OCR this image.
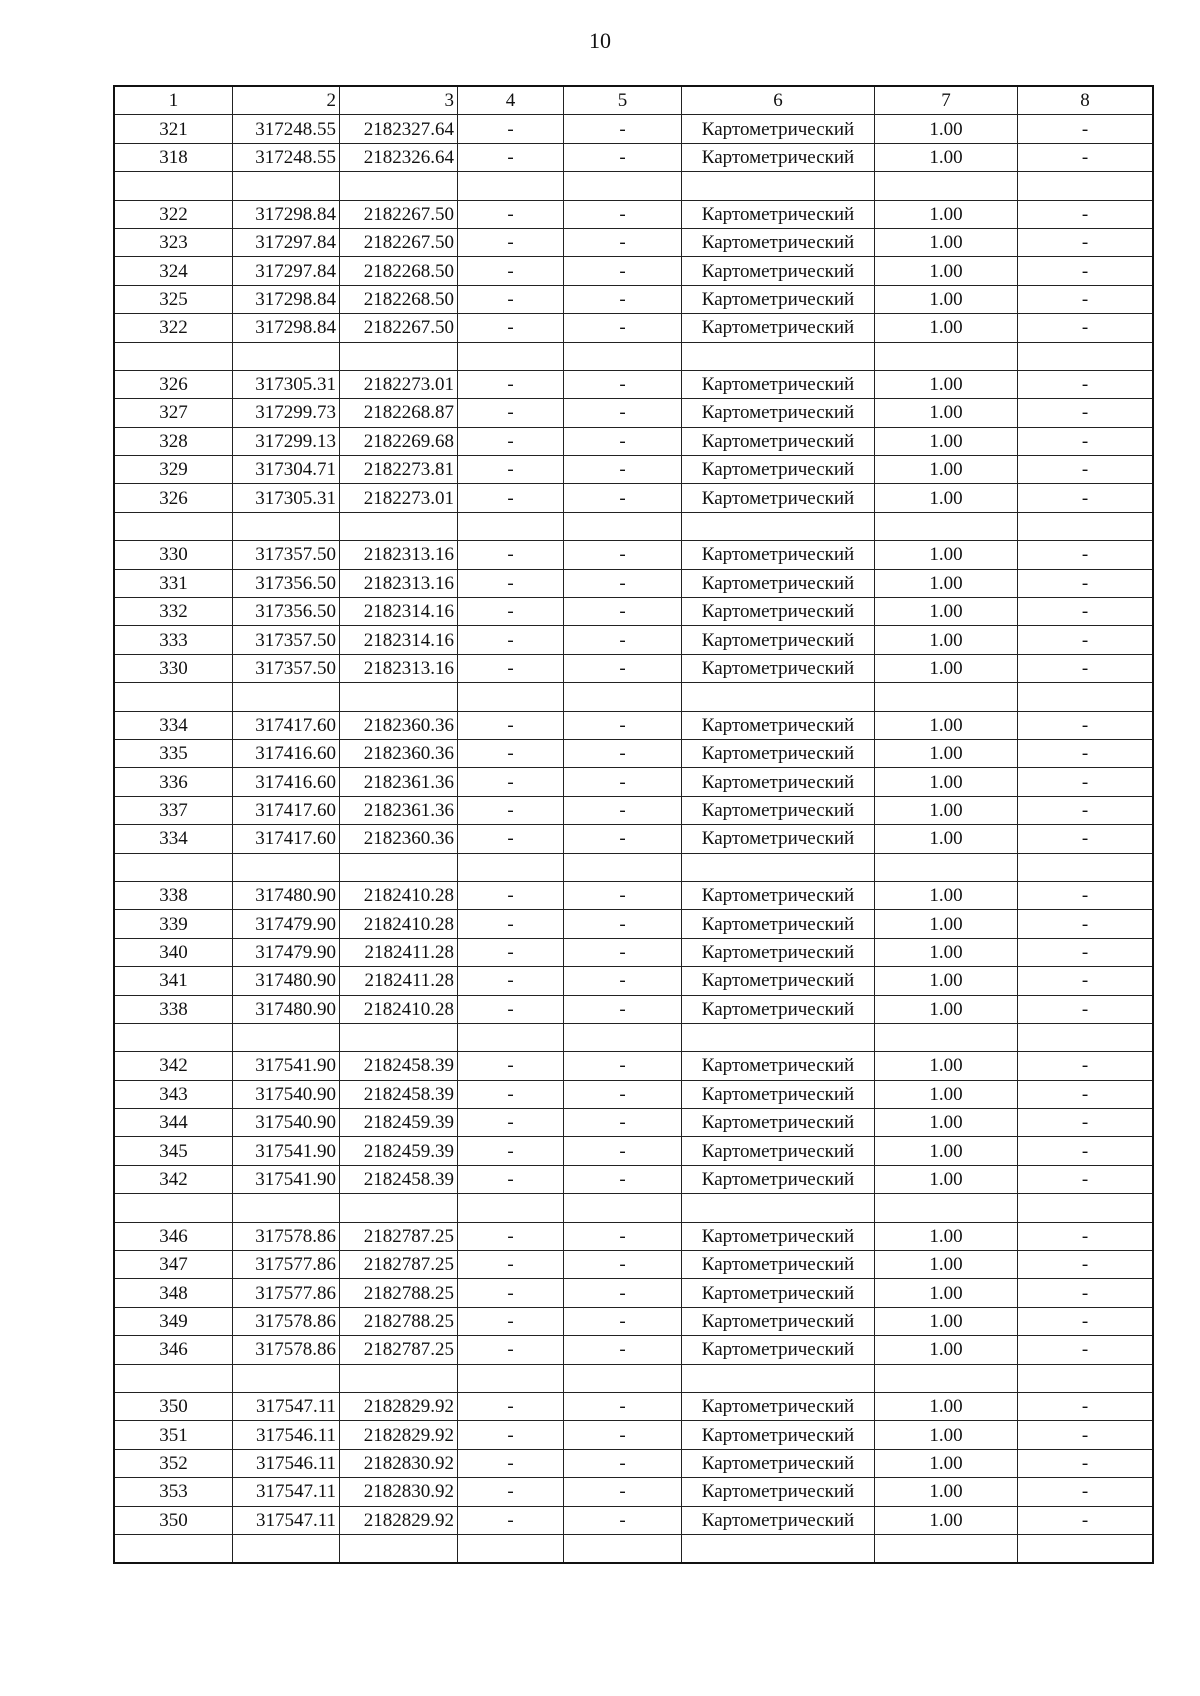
10
1	2	3	4	5	6	7	8
321	317248.55	2182327.64	-	-	Картометрический	1.00	-
318	317248.55	2182326.64	-	-	Картометрический	1.00	-

322	317298.84	2182267.50	-	-	Картометрический	1.00	-
323	317297.84	2182267.50	-	-	Картометрический	1.00	-
324	317297.84	2182268.50	-	-	Картометрический	1.00	-
325	317298.84	2182268.50	-	-	Картометрический	1.00	-
322	317298.84	2182267.50	-	-	Картометрический	1.00	-

326	317305.31	2182273.01	-	-	Картометрический	1.00	-
327	317299.73	2182268.87	-	-	Картометрический	1.00	-
328	317299.13	2182269.68	-	-	Картометрический	1.00	-
329	317304.71	2182273.81	-	-	Картометрический	1.00	-
326	317305.31	2182273.01	-	-	Картометрический	1.00	-

330	317357.50	2182313.16	-	-	Картометрический	1.00	-
331	317356.50	2182313.16	-	-	Картометрический	1.00	-
332	317356.50	2182314.16	-	-	Картометрический	1.00	-
333	317357.50	2182314.16	-	-	Картометрический	1.00	-
330	317357.50	2182313.16	-	-	Картометрический	1.00	-

334	317417.60	2182360.36	-	-	Картометрический	1.00	-
335	317416.60	2182360.36	-	-	Картометрический	1.00	-
336	317416.60	2182361.36	-	-	Картометрический	1.00	-
337	317417.60	2182361.36	-	-	Картометрический	1.00	-
334	317417.60	2182360.36	-	-	Картометрический	1.00	-

338	317480.90	2182410.28	-	-	Картометрический	1.00	-
339	317479.90	2182410.28	-	-	Картометрический	1.00	-
340	317479.90	2182411.28	-	-	Картометрический	1.00	-
341	317480.90	2182411.28	-	-	Картометрический	1.00	-
338	317480.90	2182410.28	-	-	Картометрический	1.00	-

342	317541.90	2182458.39	-	-	Картометрический	1.00	-
343	317540.90	2182458.39	-	-	Картометрический	1.00	-
344	317540.90	2182459.39	-	-	Картометрический	1.00	-
345	317541.90	2182459.39	-	-	Картометрический	1.00	-
342	317541.90	2182458.39	-	-	Картометрический	1.00	-

346	317578.86	2182787.25	-	-	Картометрический	1.00	-
347	317577.86	2182787.25	-	-	Картометрический	1.00	-
348	317577.86	2182788.25	-	-	Картометрический	1.00	-
349	317578.86	2182788.25	-	-	Картометрический	1.00	-
346	317578.86	2182787.25	-	-	Картометрический	1.00	-

350	317547.11	2182829.92	-	-	Картометрический	1.00	-
351	317546.11	2182829.92	-	-	Картометрический	1.00	-
352	317546.11	2182830.92	-	-	Картометрический	1.00	-
353	317547.11	2182830.92	-	-	Картометрический	1.00	-
350	317547.11	2182829.92	-	-	Картометрический	1.00	-
